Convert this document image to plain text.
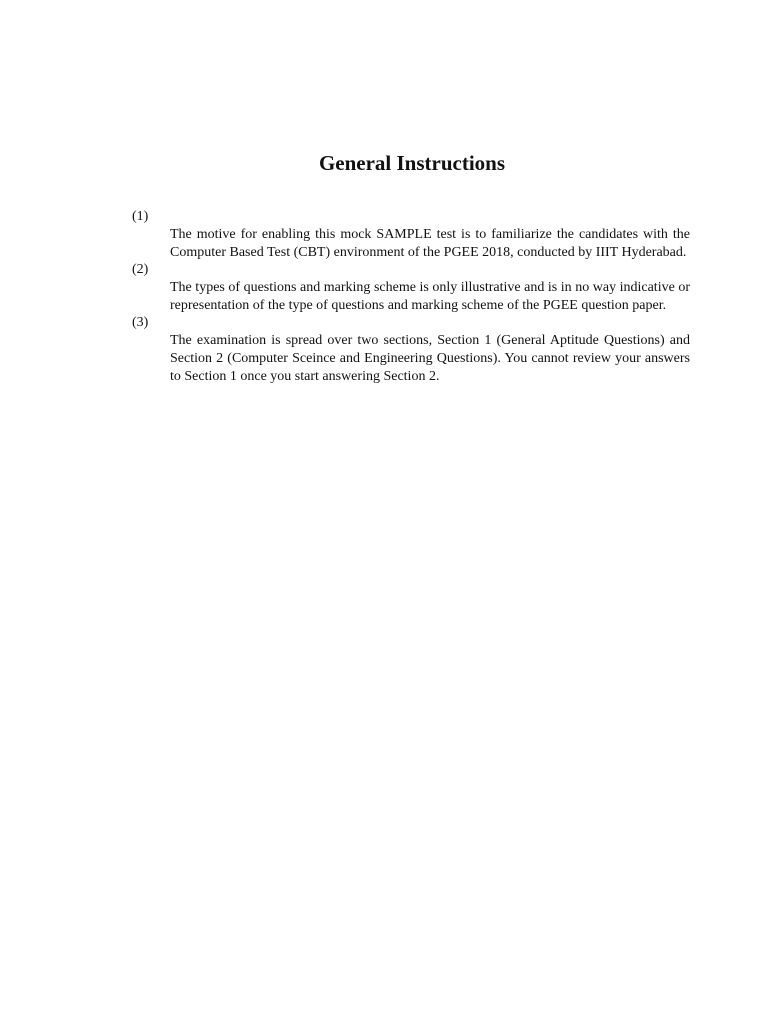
General Instructions
(1)
The motive for enabling this mock SAMPLE test is to familiarize the candidates with the Computer Based Test (CBT) environment of the PGEE 2018, conducted by IIIT Hyderabad.
(2)
The types of questions and marking scheme is only illustrative and is in no way indicative or representation of the type of questions and marking scheme of the PGEE question paper.
(3)
The examination is spread over two sections, Section 1 (General Aptitude Questions) and Section 2 (Computer Sceince and Engineering Questions). You cannot review your answers to Section 1 once you start answering Section 2.
